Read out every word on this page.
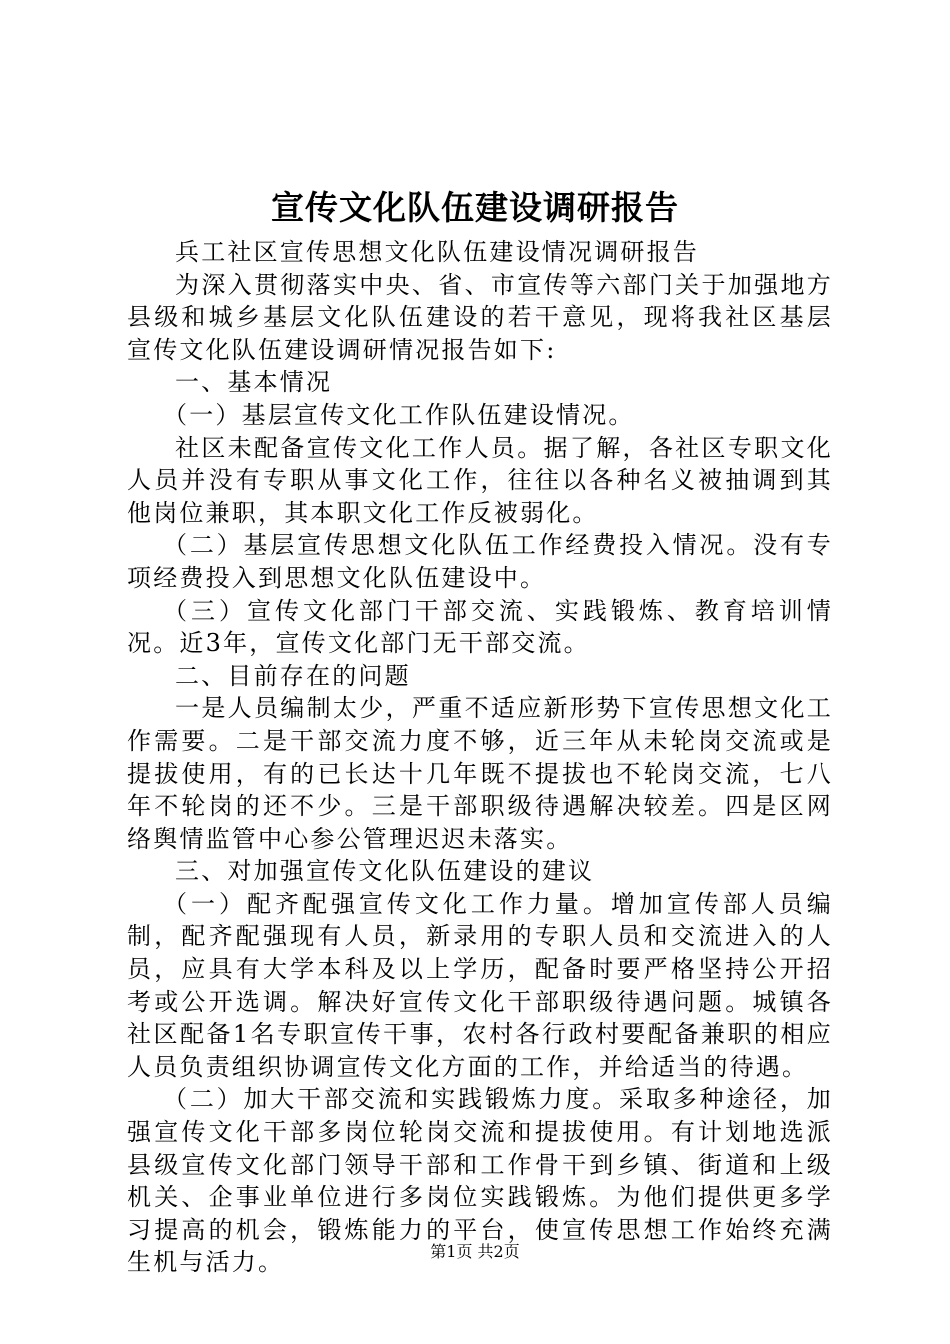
宣传文化队伍建设调研报告

兵工社区宣传思想文化队伍建设情况调研报告

为深入贯彻落实中央、省、市宣传等六部门关于加强地方县级和城乡基层文化队伍建设的若干意见，现将我社区基层宣传文化队伍建设调研情况报告如下:

一、基本情况

（一）基层宣传文化工作队伍建设情况。

社区未配备宣传文化工作人员。据了解，各社区专职文化人员并没有专职从事文化工作，往往以各种名义被抽调到其他岗位兼职，其本职文化工作反被弱化。

（二）基层宣传思想文化队伍工作经费投入情况。没有专项经费投入到思想文化队伍建设中。

（三）宣传文化部门干部交流、实践锻炼、教育培训情况。近3年，宣传文化部门无干部交流。

二、目前存在的问题

一是人员编制太少，严重不适应新形势下宣传思想文化工作需要。二是干部交流力度不够，近三年从未轮岗交流或是提拔使用，有的已长达十几年既不提拔也不轮岗交流，七八年不轮岗的还不少。三是干部职级待遇解决较差。四是区网络舆情监管中心参公管理迟迟未落实。

三、对加强宣传文化队伍建设的建议

（一）配齐配强宣传文化工作力量。增加宣传部人员编制，配齐配强现有人员，新录用的专职人员和交流进入的人员，应具有大学本科及以上学历，配备时要严格坚持公开招考或公开选调。解决好宣传文化干部职级待遇问题。城镇各社区配备1名专职宣传干事，农村各行政村要配备兼职的相应人员负责组织协调宣传文化方面的工作，并给适当的待遇。

（二）加大干部交流和实践锻炼力度。采取多种途径，加强宣传文化干部多岗位轮岗交流和提拔使用。有计划地选派县级宣传文化部门领导干部和工作骨干到乡镇、街道和上级机关、企事业单位进行多岗位实践锻炼。为他们提供更多学习提高的机会，锻炼能力的平台，使宣传思想工作始终充满生机与活力。	第1页 共2页
